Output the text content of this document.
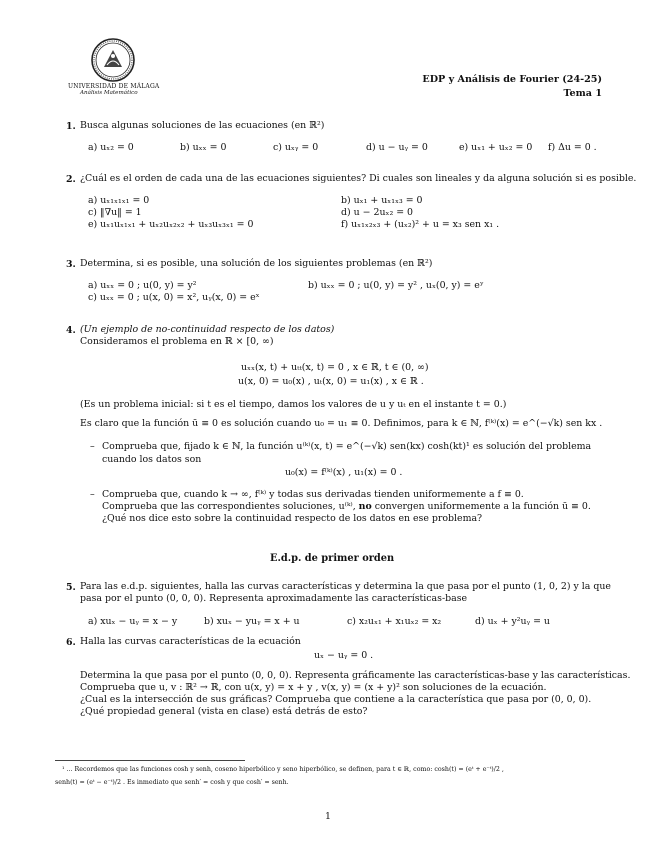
UNIVERSIDAD DE MÁLAGA
Análisis Matemático
EDP y Análisis de Fourier (24-25)
Tema 1
1. Busca algunas soluciones de las ecuaciones (en ℝ²)
a) uₓ₂ = 0	b) uₓₓ = 0	c) uₓᵧ = 0	d) u − uᵧ = 0	e) uₓ₁ + uₓ₂ = 0 f) Δu = 0 .
2. ¿Cuál es el orden de cada una de las ecuaciones siguientes? Di cuales son lineales y da alguna solución si es posible.
a) uₓ₁ₓ₁ₓ₁ = 0	b) uₓ₁ + uₓ₁ₓ₃ = 0
c) ‖∇u‖ = 1	d) u − 2uₓ₂ = 0
e) uₓ₁uₓ₁ₓ₁ + uₓ₂uₓ₂ₓ₂ + uₓ₃uₓ₃ₓ₁ = 0	f) uₓ₁ₓ₂ₓ₃ + (uₓ₂)² + u = x₃ sen x₁ .
3. Determina, si es posible, una solución de los siguientes problemas (en ℝ²)
a) uₓₓ = 0 ; u(0, y) = y²	b) uₓₓ = 0 ; u(0, y) = y² , uₓ(0, y) = eʸ
c) uₓₓ = 0 ; u(x, 0) = x², uᵧ(x, 0) = eˣ
4. (Un ejemplo de no-continuidad respecto de los datos)
Consideramos el problema en ℝ × [0, ∞)
uₓₓ(x, t) + uₜₜ(x, t) = 0 , x ∈ ℝ, t ∈ (0, ∞)
u(x, 0) = u₀(x) , uₜ(x, 0) = u₁(x) , x ∈ ℝ .
(Es un problema inicial: si t es el tiempo, damos los valores de u y uₜ en el instante t = 0.)
Es claro que la función ū ≡ 0 es solución cuando u₀ = u₁ ≡ 0. Definimos, para k ∈ ℕ, f⁽ᵏ⁾(x) = e^(−√k) sen kx .
– Comprueba que, fijado k ∈ ℕ, la función u⁽ᵏ⁾(x, t) = e^(−√k) sen(kx) cosh(kt)¹ es solución del problema
cuando los datos son
u₀(x) = f⁽ᵏ⁾(x) , u₁(x) = 0 .
– Comprueba que, cuando k → ∞, f⁽ᵏ⁾ y todas sus derivadas tienden uniformemente a f ≡ 0.
Comprueba que las correspondientes soluciones, u⁽ᵏ⁾, no convergen uniformemente a la función ū ≡ 0.
¿Qué nos dice esto sobre la continuidad respecto de los datos en ese problema?
E.d.p. de primer orden
5. Para las e.d.p. siguientes, halla las curvas características y determina la que pasa por el punto (1, 0, 2) y la que
pasa por el punto (0, 0, 0). Representa aproximadamente las características-base
a) xuₓ − uᵧ = x − y	b) xuₓ − yuᵧ = x + u	c) x₂uₓ₁ + x₁uₓ₂ = x₂	d) uₓ + y²uᵧ = u
6. Halla las curvas características de la ecuación
uₓ − uᵧ = 0 .
Determina la que pasa por el punto (0, 0, 0). Representa gráficamente las características-base y las características.
Comprueba que u, v : ℝ² → ℝ, con u(x, y) = x + y , v(x, y) = (x + y)² son soluciones de la ecuación.
¿Cual es la intersección de sus gráficas? Comprueba que contiene a la característica que pasa por (0, 0, 0).
¿Qué propiedad general (vista en clase) está detrás de esto?
¹ ... Recordemos que las funciones cosh y senh, coseno hiperbólico y seno hiperbólico, se definen, para t ∈ ℝ, como: cosh(t) = (eᵗ + e⁻ᵗ)/2 ,
senh(t) = (eᵗ − e⁻ᵗ)/2 . Es inmediato que senh′ = cosh y que cosh′ = senh.
1
